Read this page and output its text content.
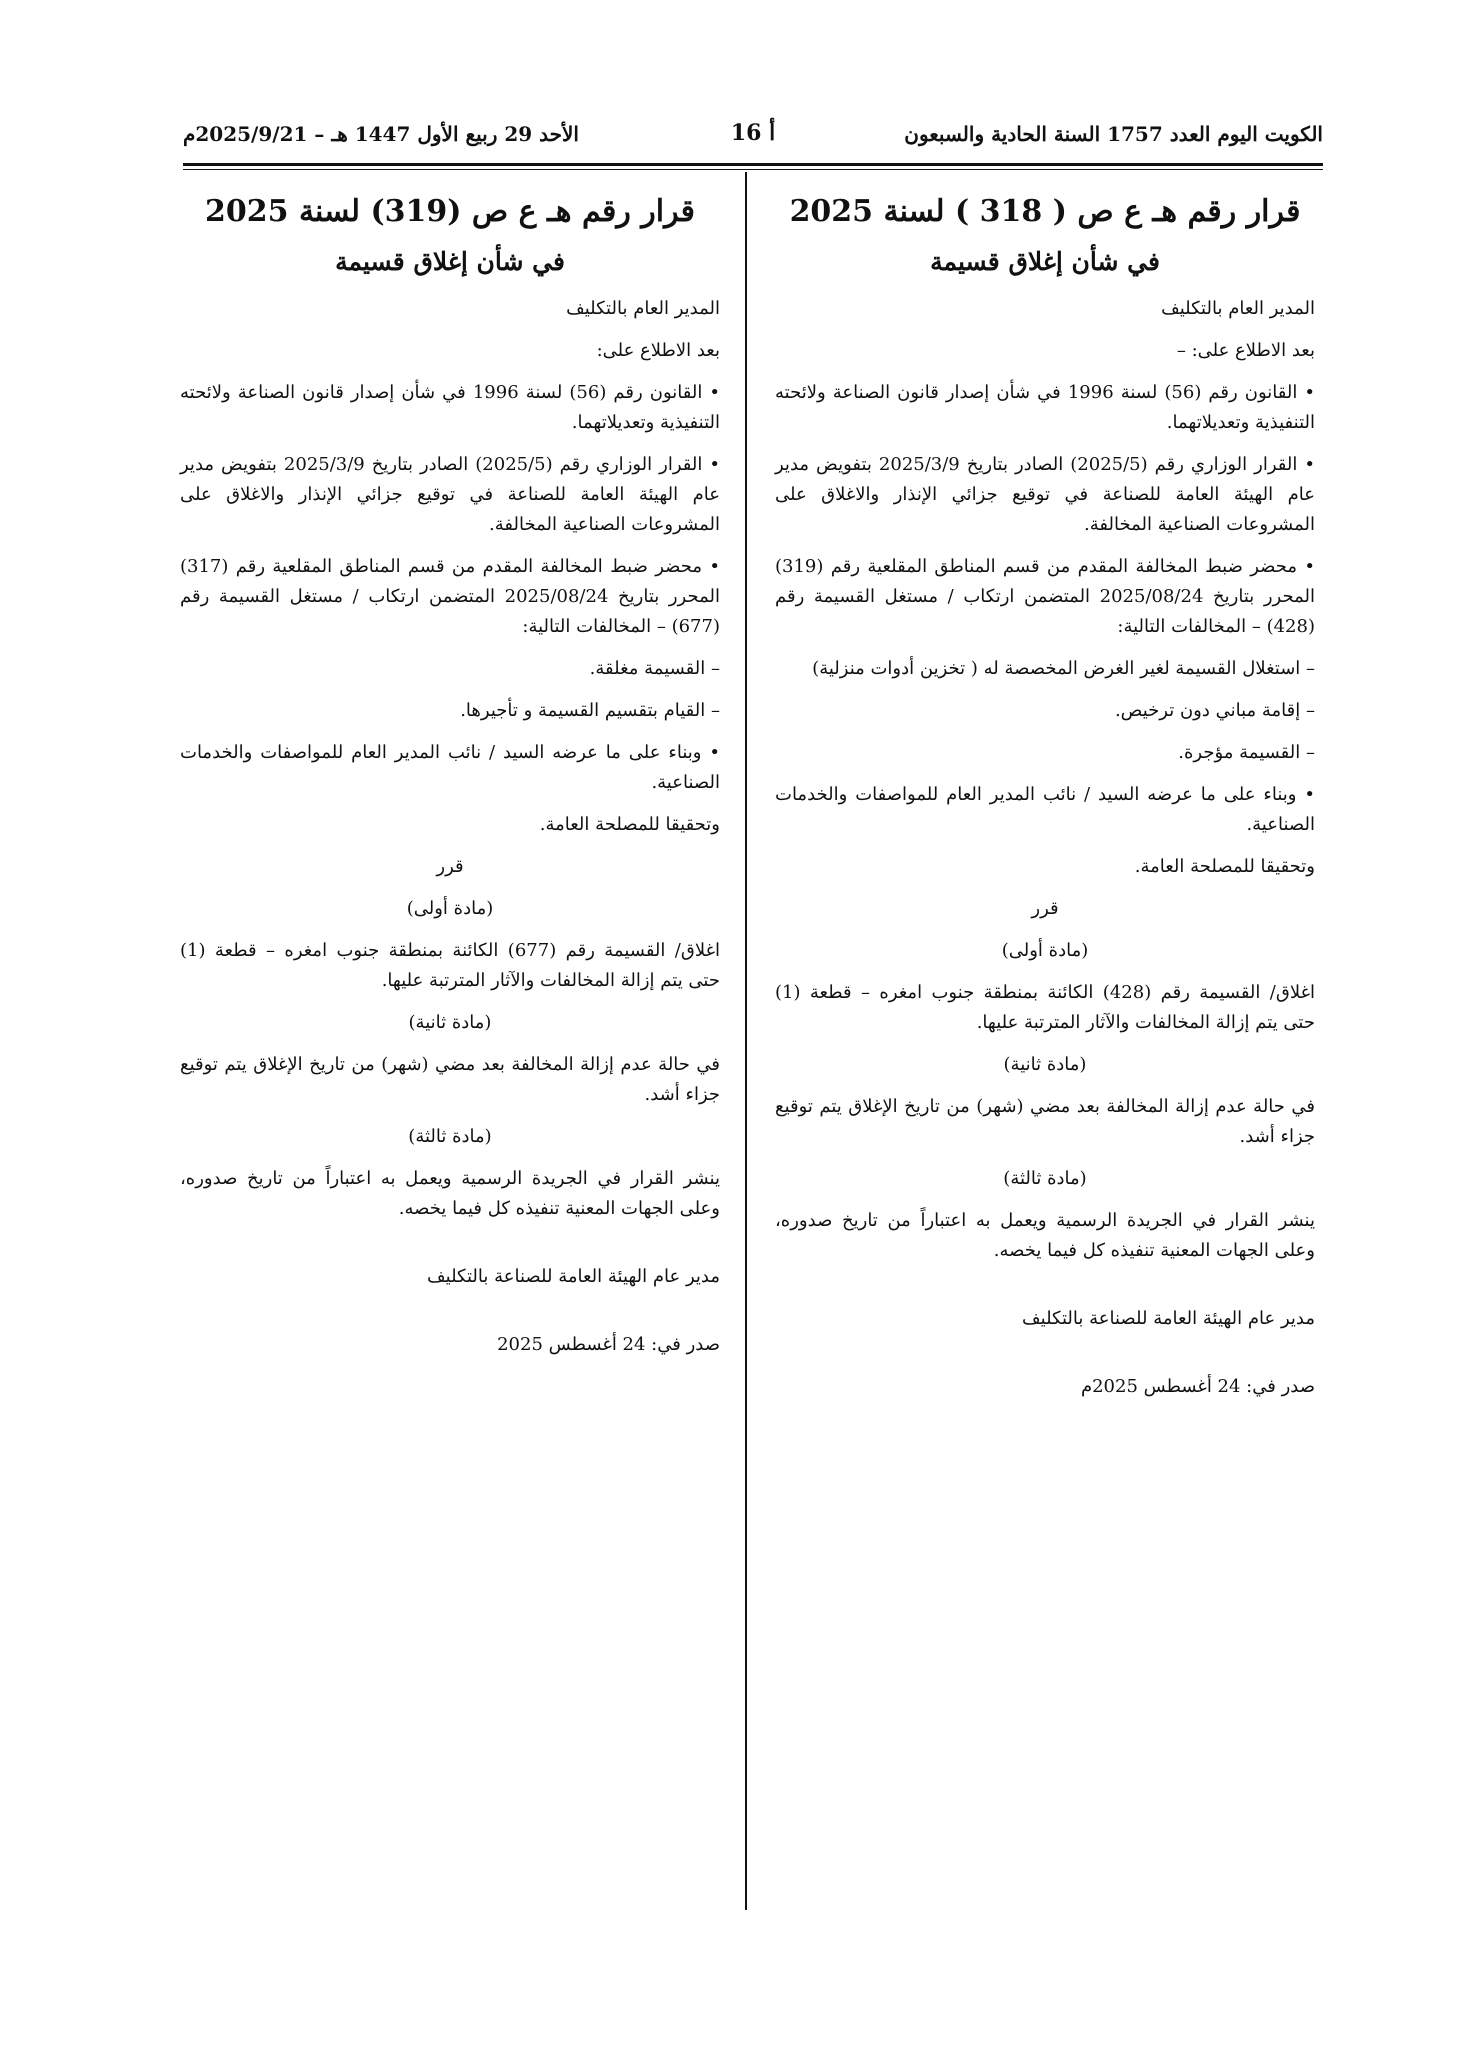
الكويت اليوم العدد 1757 السنة الحادية والسبعون
أ 16
الأحد 29 ربيع الأول 1447 هـ – 2025/9/21م
قرار رقم هـ ع ص ( 318 ) لسنة 2025
في شأن إغلاق قسيمة
المدير العام بالتكليف
بعد الاطلاع على: –
• القانون رقم (56) لسنة 1996 في شأن إصدار قانون الصناعة ولائحته التنفيذية وتعديلاتهما.
• القرار الوزاري رقم (2025/5) الصادر بتاريخ 2025/3/9 بتفويض مدير عام الهيئة العامة للصناعة في توقيع جزائي الإنذار والاغلاق على المشروعات الصناعية المخالفة.
• محضر ضبط المخالفة المقدم من قسم المناطق المقلعية رقم (319) المحرر بتاريخ 2025/08/24 المتضمن ارتكاب / مستغل القسيمة رقم (428) – المخالفات التالية:
– استغلال القسيمة لغير الغرض المخصصة له ( تخزين أدوات منزلية)
– إقامة مباني دون ترخيص.
– القسيمة مؤجرة.
• وبناء على ما عرضه السيد / نائب المدير العام للمواصفات والخدمات الصناعية.
وتحقيقا للمصلحة العامة.
قرر
(مادة أولى)
اغلاق/ القسيمة رقم (428) الكائنة بمنطقة جنوب امغره – قطعة (1) حتى يتم إزالة المخالفات والآثار المترتبة عليها.
(مادة ثانية)
في حالة عدم إزالة المخالفة بعد مضي (شهر) من تاريخ الإغلاق يتم توقيع جزاء أشد.
(مادة ثالثة)
ينشر القرار في الجريدة الرسمية ويعمل به اعتباراً من تاريخ صدوره، وعلى الجهات المعنية تنفيذه كل فيما يخصه.
مدير عام الهيئة العامة للصناعة بالتكليف
صدر في: 24 أغسطس 2025م
قرار رقم هـ ع ص (319) لسنة 2025
في شأن إغلاق قسيمة
المدير العام بالتكليف
بعد الاطلاع على:
• القانون رقم (56) لسنة 1996 في شأن إصدار قانون الصناعة ولائحته التنفيذية وتعديلاتهما.
• القرار الوزاري رقم (2025/5) الصادر بتاريخ 2025/3/9 بتفويض مدير عام الهيئة العامة للصناعة في توقيع جزائي الإنذار والاغلاق على المشروعات الصناعية المخالفة.
• محضر ضبط المخالفة المقدم من قسم المناطق المقلعية رقم (317) المحرر بتاريخ 2025/08/24 المتضمن ارتكاب / مستغل القسيمة رقم (677) – المخالفات التالية:
– القسيمة مغلقة.
– القيام بتقسيم القسيمة و تأجيرها.
• وبناء على ما عرضه السيد / نائب المدير العام للمواصفات والخدمات الصناعية.
وتحقيقا للمصلحة العامة.
قرر
(مادة أولى)
اغلاق/ القسيمة رقم (677) الكائنة بمنطقة جنوب امغره – قطعة (1) حتى يتم إزالة المخالفات والآثار المترتبة عليها.
(مادة ثانية)
في حالة عدم إزالة المخالفة بعد مضي (شهر) من تاريخ الإغلاق يتم توقيع جزاء أشد.
(مادة ثالثة)
ينشر القرار في الجريدة الرسمية ويعمل به اعتباراً من تاريخ صدوره، وعلى الجهات المعنية تنفيذه كل فيما يخصه.
مدير عام الهيئة العامة للصناعة بالتكليف
صدر في: 24 أغسطس 2025
